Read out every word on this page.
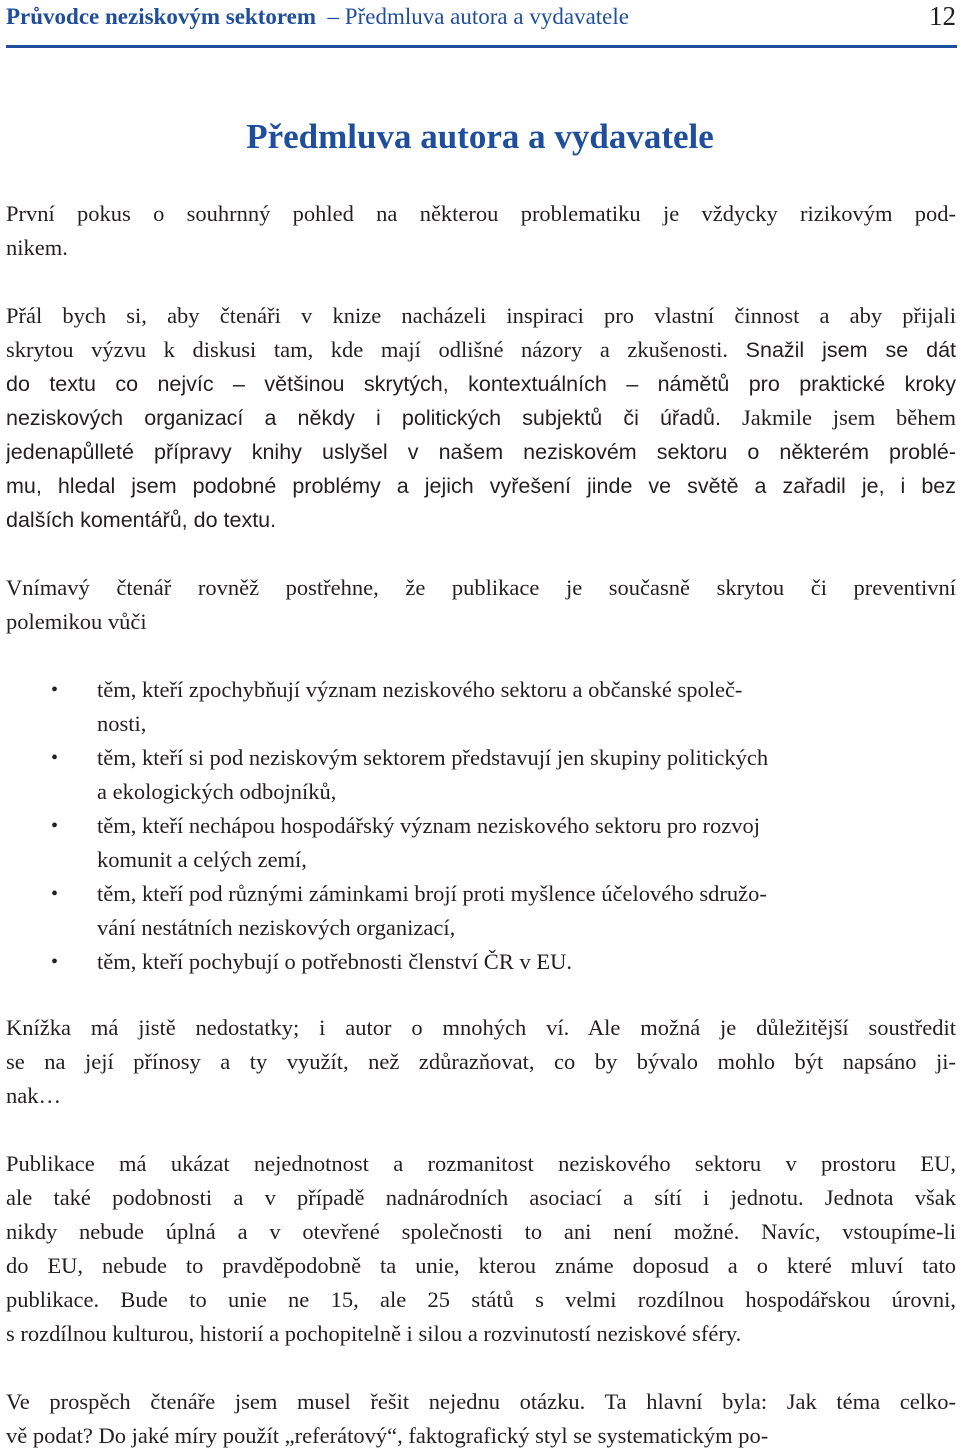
Průvodce neziskovým sektorem  – Předmluva autora a vydavatele	12
Předmluva autora a vydavatele
První pokus o souhrnný pohled na některou problematiku je vždycky rizikovým pod-
nikem.
Přál bych si, aby čtenáři v knize nacházeli inspiraci pro vlastní činnost a aby přijali
skrytou výzvu k diskusi tam, kde mají odlišné názory a zkušenosti. Snažil jsem se dát
do textu co nejvíc – většinou skrytých, kontextuálních – námětů pro praktické kroky
neziskových organizací a někdy i politických subjektů či úřadů. Jakmile jsem během
jedenapůlleté přípravy knihy uslyšel v našem neziskovém sektoru o některém problé-
mu, hledal jsem podobné problémy a jejich vyřešení jinde ve světě a zařadil je, i bez
dalších komentářů, do textu.
Vnímavý čtenář rovněž postřehne, že publikace je současně skrytou či preventivní
polemikou vůči
• těm, kteří zpochybňují význam neziskového sektoru a občanské společ-
nosti,
• těm, kteří si pod neziskovým sektorem představují jen skupiny politických
a ekologických odbojníků,
• těm, kteří nechápou hospodářský význam neziskového sektoru pro rozvoj
komunit a celých zemí,
• těm, kteří pod různými záminkami brojí proti myšlence účelového sdružo-
vání nestátních neziskových organizací,
• těm, kteří pochybují o potřebnosti členství ČR v EU.
Knížka má jistě nedostatky; i autor o mnohých ví. Ale možná je důležitější soustředit
se na její přínosy a ty využít, než zdůrazňovat, co by bývalo mohlo být napsáno ji-
nak…
Publikace má ukázat nejednotnost a rozmanitost neziskového sektoru v prostoru EU,
ale také podobnosti a v případě nadnárodních asociací a sítí i jednotu. Jednota však
nikdy nebude úplná a v otevřené společnosti to ani není možné. Navíc, vstoupíme-li
do EU, nebude to pravděpodobně ta unie, kterou známe doposud a o které mluví tato
publikace. Bude to unie ne 15, ale 25 států s velmi rozdílnou hospodářskou úrovni,
s rozdílnou kulturou, historií a pochopitelně i silou a rozvinutostí neziskové sféry.
Ve prospěch čtenáře jsem musel řešit nejednu otázku. Ta hlavní byla: Jak téma celko-
vě podat? Do jaké míry použít „referátový“, faktografický styl se systematickým po-
